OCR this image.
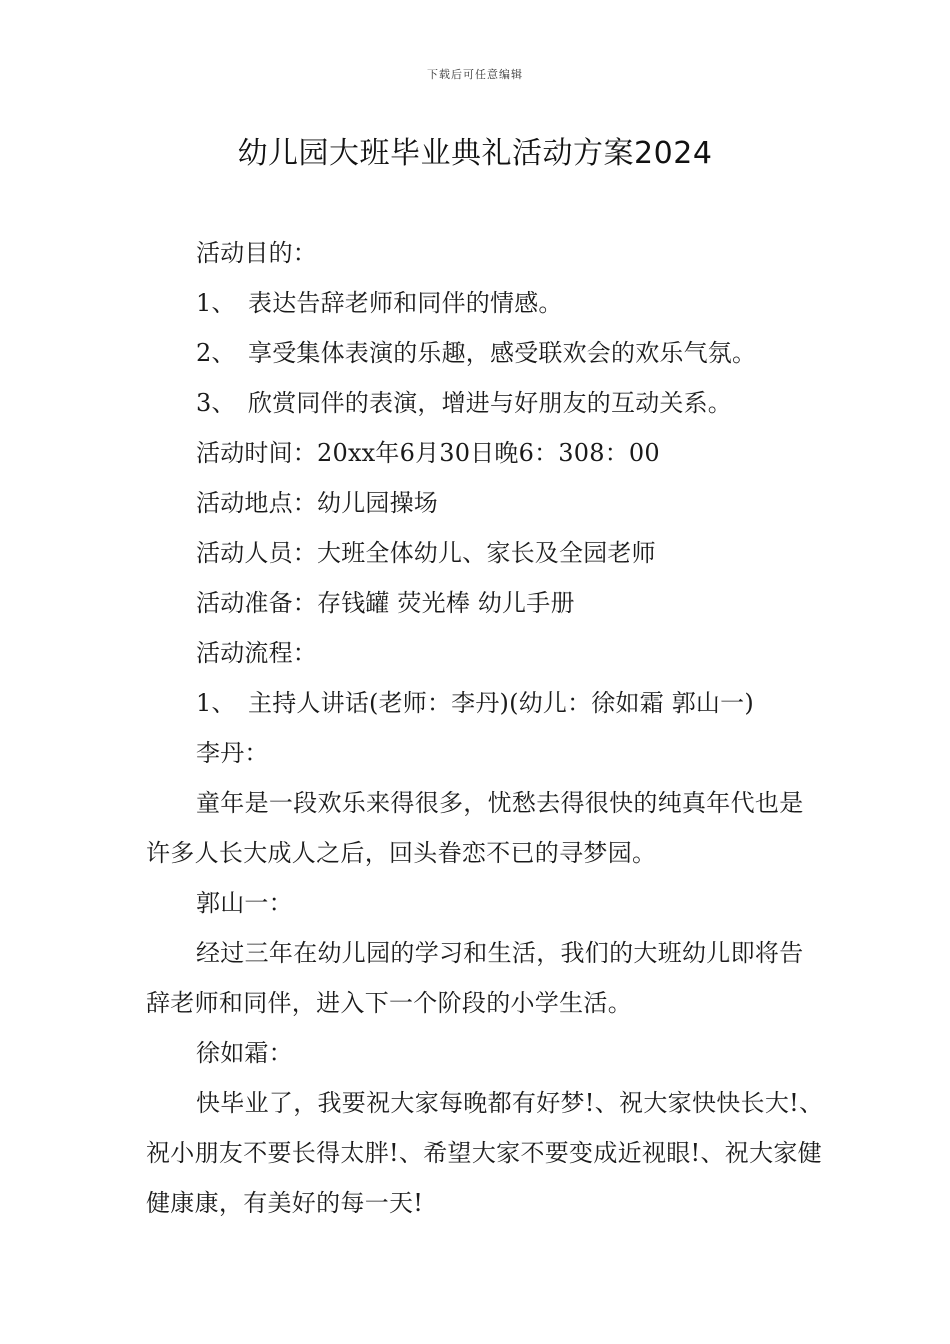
下载后可任意编辑
幼儿园大班毕业典礼活动方案2024
活动目的：
1、 表达告辞老师和同伴的情感。
2、 享受集体表演的乐趣，感受联欢会的欢乐气氛。
3、 欣赏同伴的表演，增进与好朋友的互动关系。
活动时间：20xx年6月30日晚6：308：00
活动地点：幼儿园操场
活动人员：大班全体幼儿、家长及全园老师
活动准备：存钱罐 荧光棒 幼儿手册
活动流程：
1、 主持人讲话(老师：李丹)(幼儿：徐如霜 郭山一)
李丹：

童年是一段欢乐来得很多，忧愁去得很快的纯真年代也是许多人长大成人之后，回头眷恋不已的寻梦园。

郭山一：

经过三年在幼儿园的学习和生活，我们的大班幼儿即将告辞老师和同伴，进入下一个阶段的小学生活。

徐如霜：

快毕业了，我要祝大家每晚都有好梦!、祝大家快快长大!、祝小朋友不要长得太胖!、希望大家不要变成近视眼!、祝大家健健康康，有美好的每一天!
